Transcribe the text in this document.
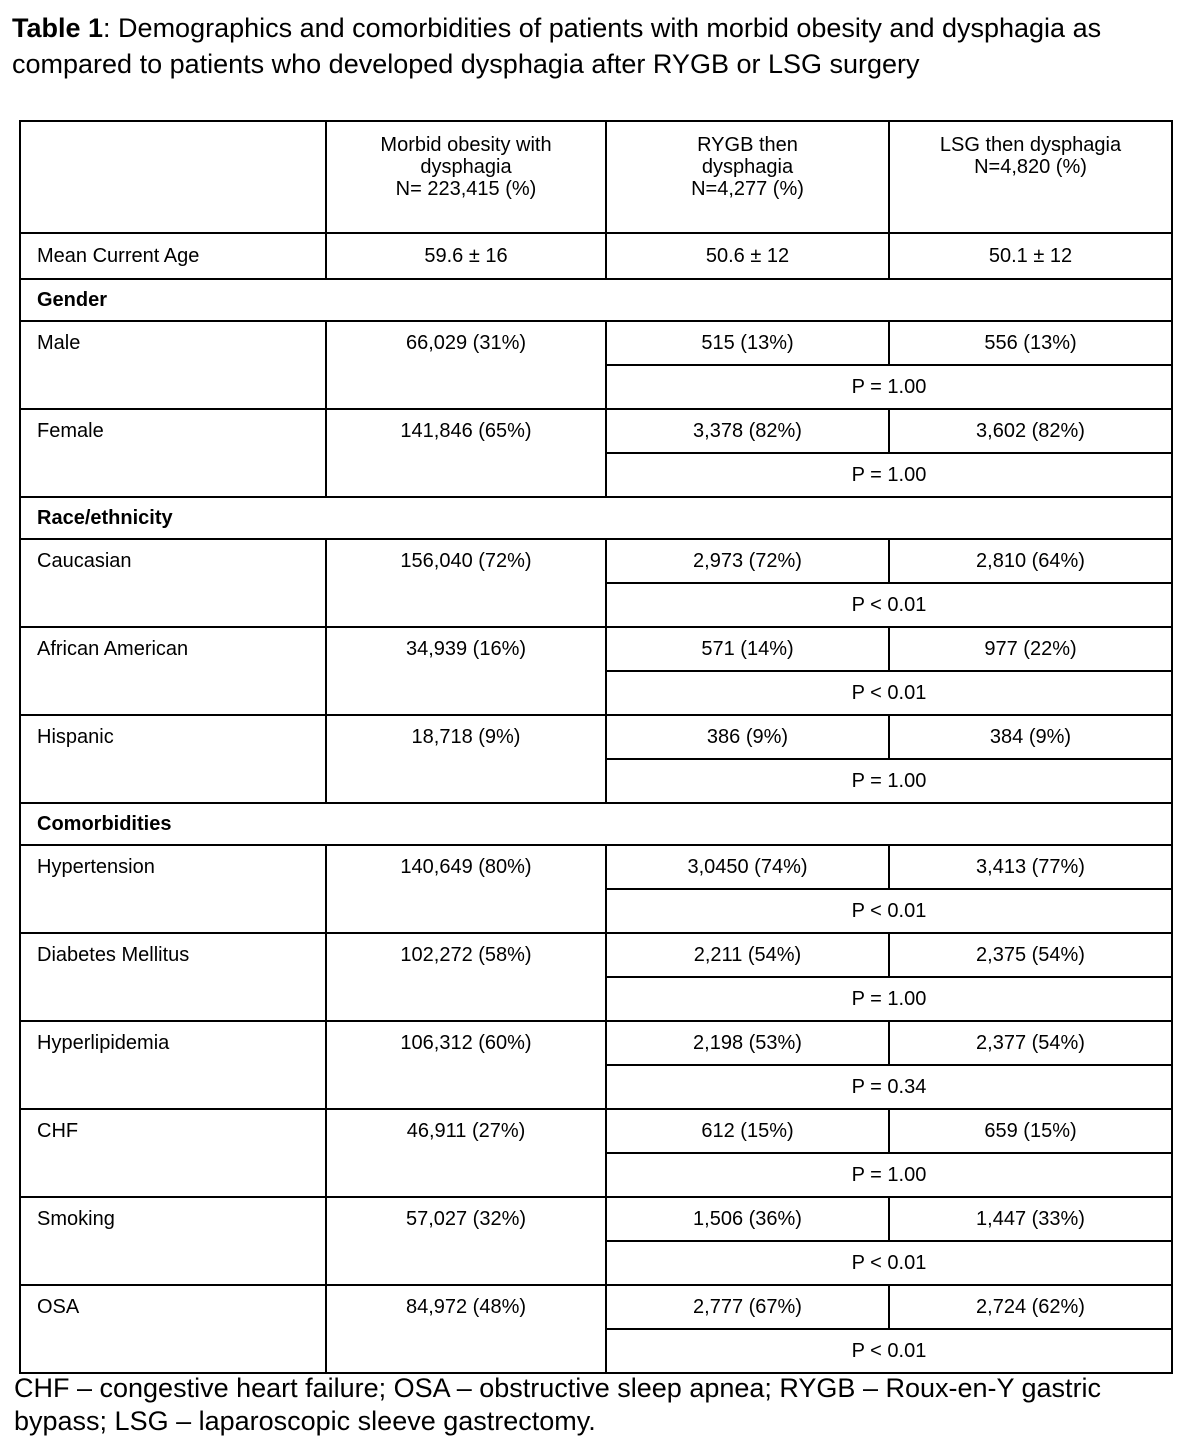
Table 1: Demographics and comorbidities of patients with morbid obesity and dysphagia as compared to patients who developed dysphagia after RYGB or LSG surgery

	Morbid obesity with
dysphagia
N= 223,415 (%)	RYGB then
dysphagia
N=4,277 (%)	LSG then dysphagia
N=4,820 (%)

Mean Current Age	59.6 ± 16	50.6 ± 12	50.1 ± 12
Gender			
Male	66,029 (31%)	515 (13%)	556 (13%)
		P = 1.00	
Female	141,846 (65%)	3,378 (82%)	3,602 (82%)
		P = 1.00	
Race/ethnicity			
Caucasian	156,040 (72%)	2,973 (72%)	2,810 (64%)
		P < 0.01	
African American	34,939 (16%)	571 (14%)	977 (22%)
		P < 0.01	
Hispanic	18,718 (9%)	386 (9%)	384 (9%)
		P = 1.00	
Comorbidities			
Hypertension	140,649 (80%)	3,0450 (74%)	3,413 (77%)
		P < 0.01	
Diabetes Mellitus	102,272 (58%)	2,211 (54%)	2,375 (54%)
		P = 1.00	
Hyperlipidemia	106,312 (60%)	2,198 (53%)	2,377 (54%)
		P = 0.34	
CHF	46,911 (27%)	612 (15%)	659 (15%)
		P = 1.00	
Smoking	57,027 (32%)	1,506 (36%)	1,447 (33%)
		P < 0.01	
OSA	84,972 (48%)	2,777 (67%)	2,724 (62%)
		P < 0.01	
CHF – congestive heart failure; OSA – obstructive sleep apnea; RYGB – Roux-en-Y gastric bypass; LSG – laparoscopic sleeve gastrectomy.
